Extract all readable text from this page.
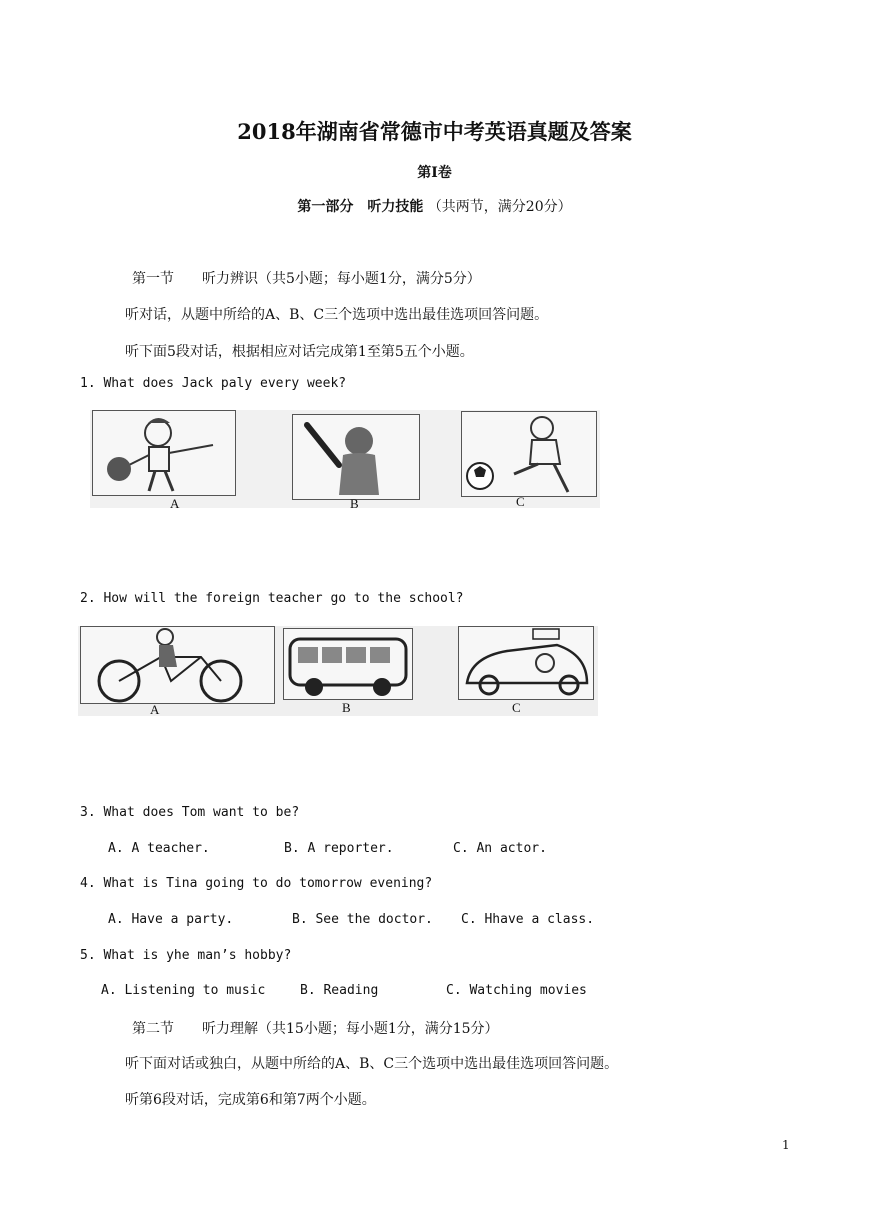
2018年湖南省常德市中考英语真题及答案
第I卷
第一部分　听力技能 （共两节，满分20分）
第一节　　听力辨识（共5小题；每小题1分，满分5分）
听对话，从题中所给的A、B、C三个选项中选出最佳选项回答问题。
听下面5段对话，根据相应对话完成第1至第5五个小题。
1. What does Jack paly every week?
A	B	C
2. How will the foreign teacher go to the school?
A	B	C
3. What does Tom want to be?
A. A teacher.	B. A reporter.	C. An actor.
4. What is Tina going to do tomorrow evening?
A. Have a party.	B. See the doctor. C. Hhave a class.
5. What is yhe man’s hobby?
A. Listening to music	B. Reading	C. Watching movies
第二节　　听力理解（共15小题；每小题1分，满分15分）
听下面对话或独白，从题中所给的A、B、C三个选项中选出最佳选项回答问题。
听第6段对话，完成第6和第7两个小题。
1
